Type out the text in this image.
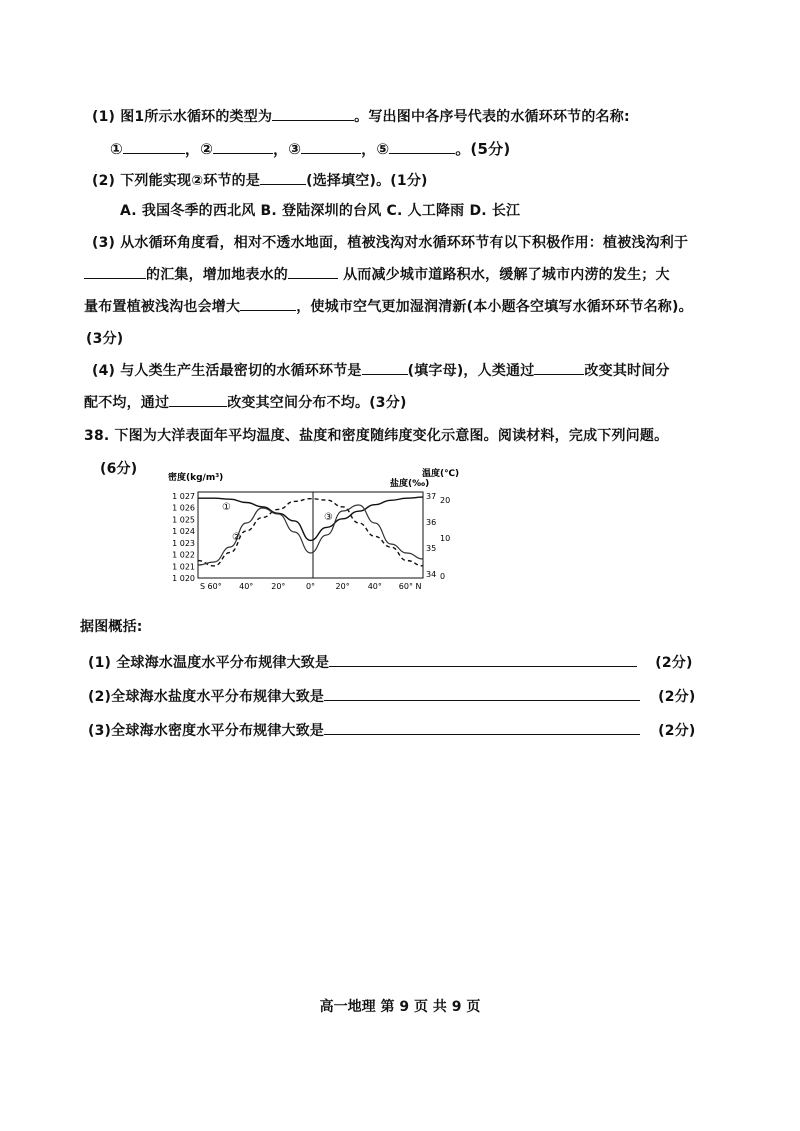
(1) 图1所示水循环的类型为	。写出图中各序号代表的水循环环节的名称:
①	，②	，③	，⑤	。(5分)
(2) 下列能实现②环节的是	(选择填空)。(1分)
A. 我国冬季的西北风 B. 登陆深圳的台风 C. 人工降雨 D. 长江
(3) 从水循环角度看，相对不透水地面，植被浅沟对水循环环节有以下积极作用：植被浅沟利于
的汇集，增加地表水的	从而减少城市道路积水，缓解了城市内涝的发生；大
量布置植被浅沟也会增大	，使城市空气更加湿润清新(本小题各空填写水循环环节名称)。
(3分)
(4) 与人类生产生活最密切的水循环环节是	(填字母)，人类通过	改变其时间分
配不均，通过	改变其空间分布不均。(3分)
38. 下图为大洋表面年平均温度、盐度和密度随纬度变化示意图。阅读材料，完成下列问题。
(6分)
密度(kg/m³)
盐度(‰)
温度(℃)
1 027
1 026
1 025
1 024
1 023
1 022
1 021
1 020
37
36
35
34
20
10
0
S 60° 40° 20°	0°	20° 40° 60° N
①
②
③
据图概括:
(1) 全球海水温度水平分布规律大致是	(2分)
(2)全球海水盐度水平分布规律大致是	(2分)
(3)全球海水密度水平分布规律大致是	(2分)
高一地理 第 9 页 共 9 页
